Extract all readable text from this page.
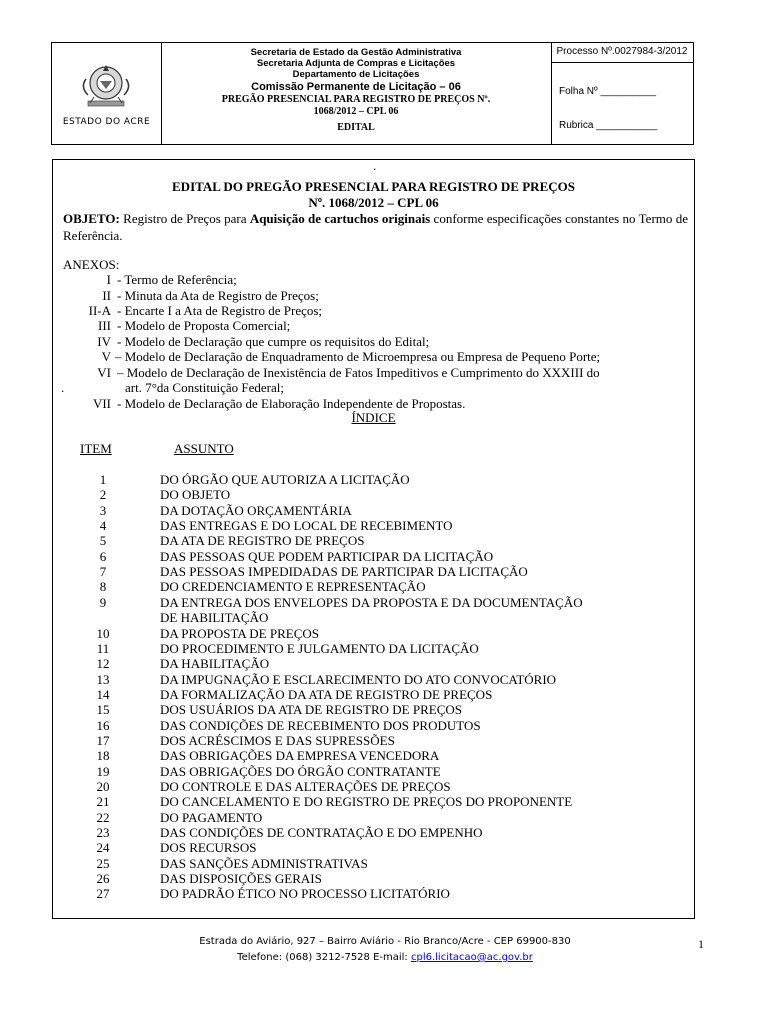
ESTADO DO ACRE
Secretaria de Estado da Gestão Administrativa
Secretaria Adjunta de Compras e Licitações
Departamento de Licitações
Comissão Permanente de Licitação – 06
PREGÃO PRESENCIAL PARA REGISTRO DE PREÇOS Nº.
1068/2012 – CPL 06
EDITAL
Processo Nº.0027984-3/2012
Folha Nº __________
Rubrica ___________
.
EDITAL DO PREGÃO PRESENCIAL PARA REGISTRO DE PREÇOS
Nº. 1068/2012 – CPL 06
OBJETO: Registro de Preços para Aquisição de cartuchos originais conforme especificações constantes no Termo de Referência.
ANEXOS:
I - Termo de Referência;
II - Minuta da Ata de Registro de Preços;
II-A - Encarte I a Ata de Registro de Preços;
III - Modelo de Proposta Comercial;
IV - Modelo de Declaração que cumpre os requisitos do Edital;
V – Modelo de Declaração de Enquadramento de Microempresa ou Empresa de Pequeno Porte;
VI – Modelo de Declaração de Inexistência de Fatos Impeditivos e Cumprimento do XXXIII do
art. 7°da Constituição Federal;
VII - Modelo de Declaração de Elaboração Independente de Propostas.
.
ÍNDICE
ITEM	ASSUNTO
1	DO ÓRGÃO QUE AUTORIZA A LICITAÇÃO
2	DO OBJETO
3	DA DOTAÇÃO ORÇAMENTÁRIA
4	DAS ENTREGAS E DO LOCAL DE RECEBIMENTO
5	DA ATA DE REGISTRO DE PREÇOS
6	DAS PESSOAS QUE PODEM PARTICIPAR DA LICITAÇÃO
7	DAS PESSOAS IMPEDIDADAS DE PARTICIPAR DA LICITAÇÃO
8	DO CREDENCIAMENTO E REPRESENTAÇÃO
9	DA ENTREGA DOS ENVELOPES DA PROPOSTA E DA DOCUMENTAÇÃO
DE HABILITAÇÃO
10	DA PROPOSTA DE PREÇOS
11	DO PROCEDIMENTO E JULGAMENTO DA LICITAÇÃO
12	DA HABILITAÇÃO
13	DA IMPUGNAÇÃO E ESCLARECIMENTO DO ATO CONVOCATÓRIO
14	DA FORMALIZAÇÃO DA ATA DE REGISTRO DE PREÇOS
15	DOS USUÁRIOS DA ATA DE REGISTRO DE PREÇOS
16	DAS CONDIÇÕES DE RECEBIMENTO DOS PRODUTOS
17	DOS ACRÉSCIMOS E DAS SUPRESSÕES
18	DAS OBRIGAÇÕES DA EMPRESA VENCEDORA
19	DAS OBRIGAÇÕES DO ÓRGÃO CONTRATANTE
20	DO CONTROLE E DAS ALTERAÇÕES DE PREÇOS
21	DO CANCELAMENTO E DO REGISTRO DE PREÇOS DO PROPONENTE
22	DO PAGAMENTO
23	DAS CONDIÇÕES DE CONTRATAÇÃO E DO EMPENHO
24	DOS RECURSOS
25	DAS SANÇÕES ADMINISTRATIVAS
26	DAS DISPOSIÇÕES GERAIS
27	DO PADRÃO ÉTICO NO PROCESSO LICITATÓRIO
1
Estrada do Aviário, 927 – Bairro Aviário - Rio Branco/Acre - CEP 69900-830
Telefone: (068) 3212-7528 E-mail: cpl6.licitacao@ac.gov.br
